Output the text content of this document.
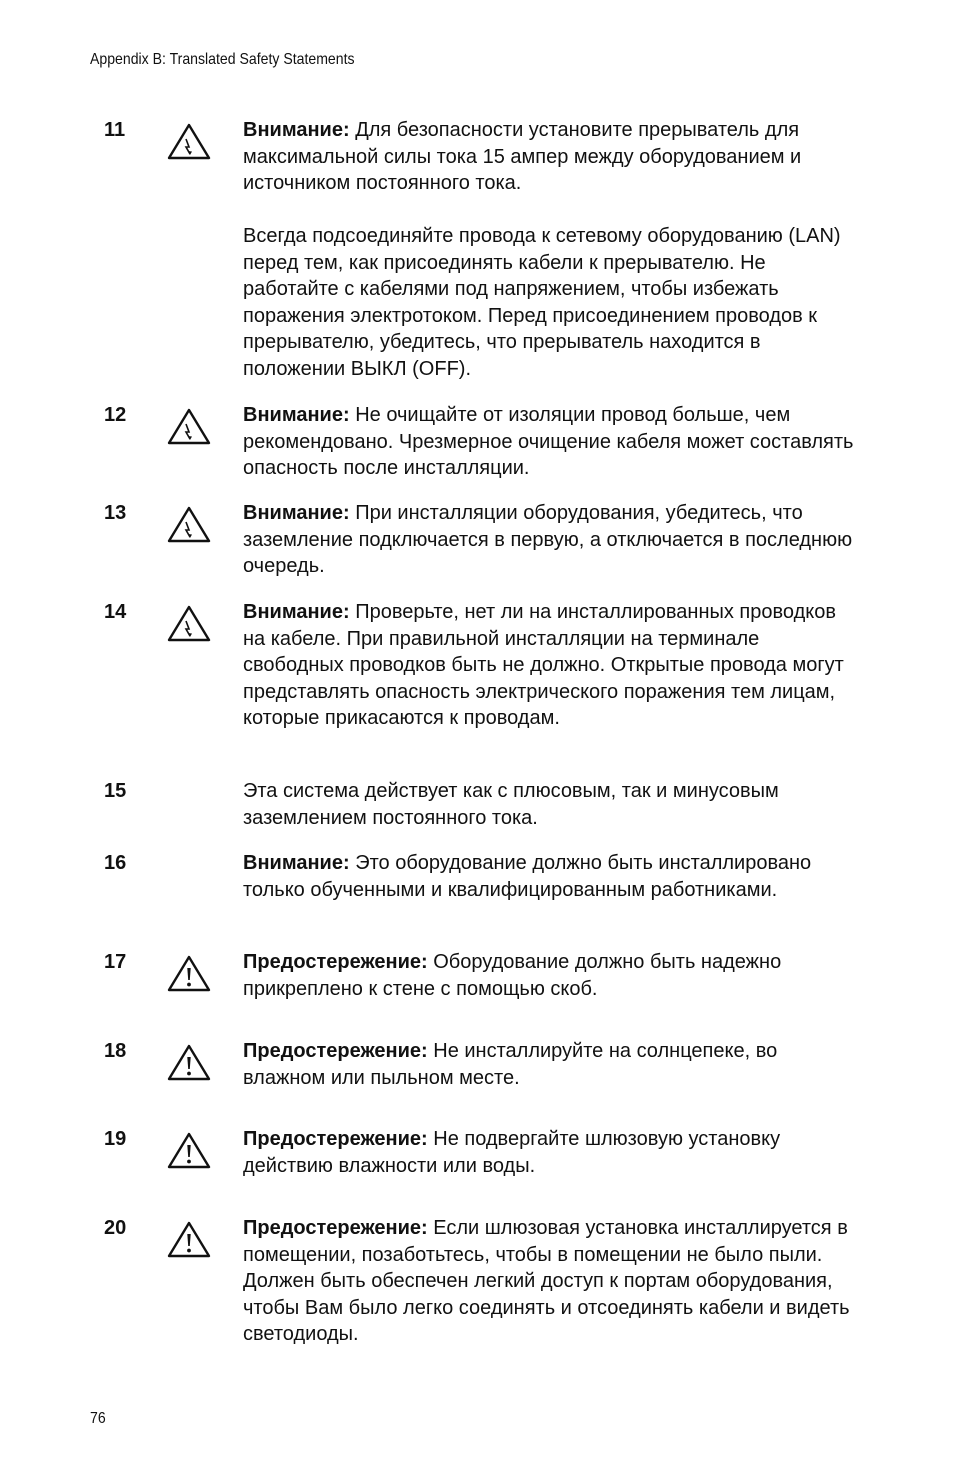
Appendix B: Translated Safety Statements
11	Внимание: Для безопасности установите прерыватель для максимальной силы тока 15 ампер между оборудованием и источником постоянного тока.

Всегда подсоединяйте провода к сетевому оборудованию (LAN) перед тем, как присоединять кабели к прерывателю. Не работайте с кабелями под напряжением, чтобы избежать поражения электротоком. Перед присоединением проводов к прерывателю, убедитесь, что прерыватель находится в положении ВЫКЛ (OFF).

12	Внимание: Не очищайте от изоляции провод больше, чем рекомендовано. Чрезмерное очищение кабеля может составлять опасность после инсталляции.

13	Внимание: При инсталляции оборудования, убедитесь, что заземление подключается в первую, а отключается в последнюю очередь.

14	Внимание: Проверьте, нет ли на инсталлированных проводков на кабеле. При правильной инсталляции на терминале свободных проводков быть не должно. Открытые провода могут представлять опасность электрического поражения тем лицам, которые прикасаются к проводам.

15	Эта система действует как с плюсовым, так и минусовым заземлением постоянного тока.

16	Внимание: Это оборудование должно быть инсталлировано только обученными и квалифицированным работниками.

17	Предостережение: Оборудование должно быть надежно прикреплено к стене с помощью скоб.

18	Предостережение: Не инсталлируйте на солнцепеке, во влажном или пыльном месте.

19	Предостережение: Не подвергайте шлюзовую установку действию влажности или воды.

20	Предостережение: Если шлюзовая установка инсталлируется в помещении, позаботьтесь, чтобы в помещении не было пыли. Должен быть обеспечен легкий доступ к портам оборудования, чтобы Вам было легко соединять и отсоединять кабели и видеть светодиоды.

76
